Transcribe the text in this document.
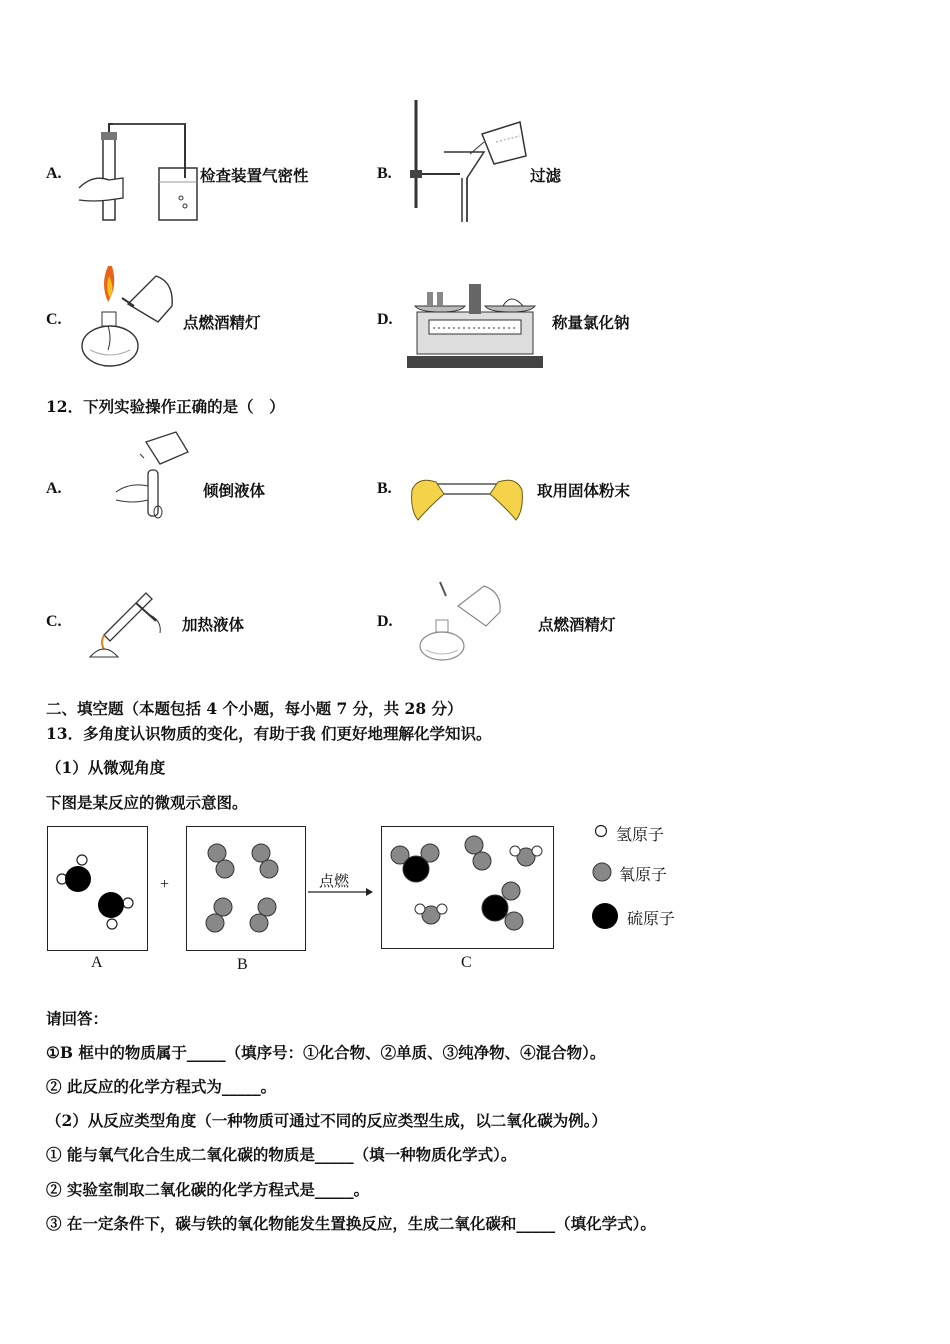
A.	检查装置气密性	B.	过滤
C.	点燃酒精灯	D.	称量氯化钠
12．下列实验操作正确的是（　）
A.	倾倒液体	B.	取用固体粉末
C.	加热液体	D.	点燃酒精灯
二、填空题（本题包括 4 个小题，每小题 7 分，共 28 分）
13．多角度认识物质的变化，有助于我 们更好地理解化学知识。
（1）从微观角度
下图是某反应的微观示意图。
A
+
B
点燃
C
氢原子
氧原子
硫原子
请回答：
①B 框中的物质属于_____（填序号：①化合物、②单质、③纯净物、④混合物）。
② 此反应的化学方程式为_____。
（2）从反应类型角度（一种物质可通过不同的反应类型生成，以二氧化碳为例。）
① 能与氧气化合生成二氧化碳的物质是_____（填一种物质化学式）。
② 实验室制取二氧化碳的化学方程式是_____。
③ 在一定条件下，碳与铁的氧化物能发生置换反应，生成二氧化碳和_____（填化学式）。
